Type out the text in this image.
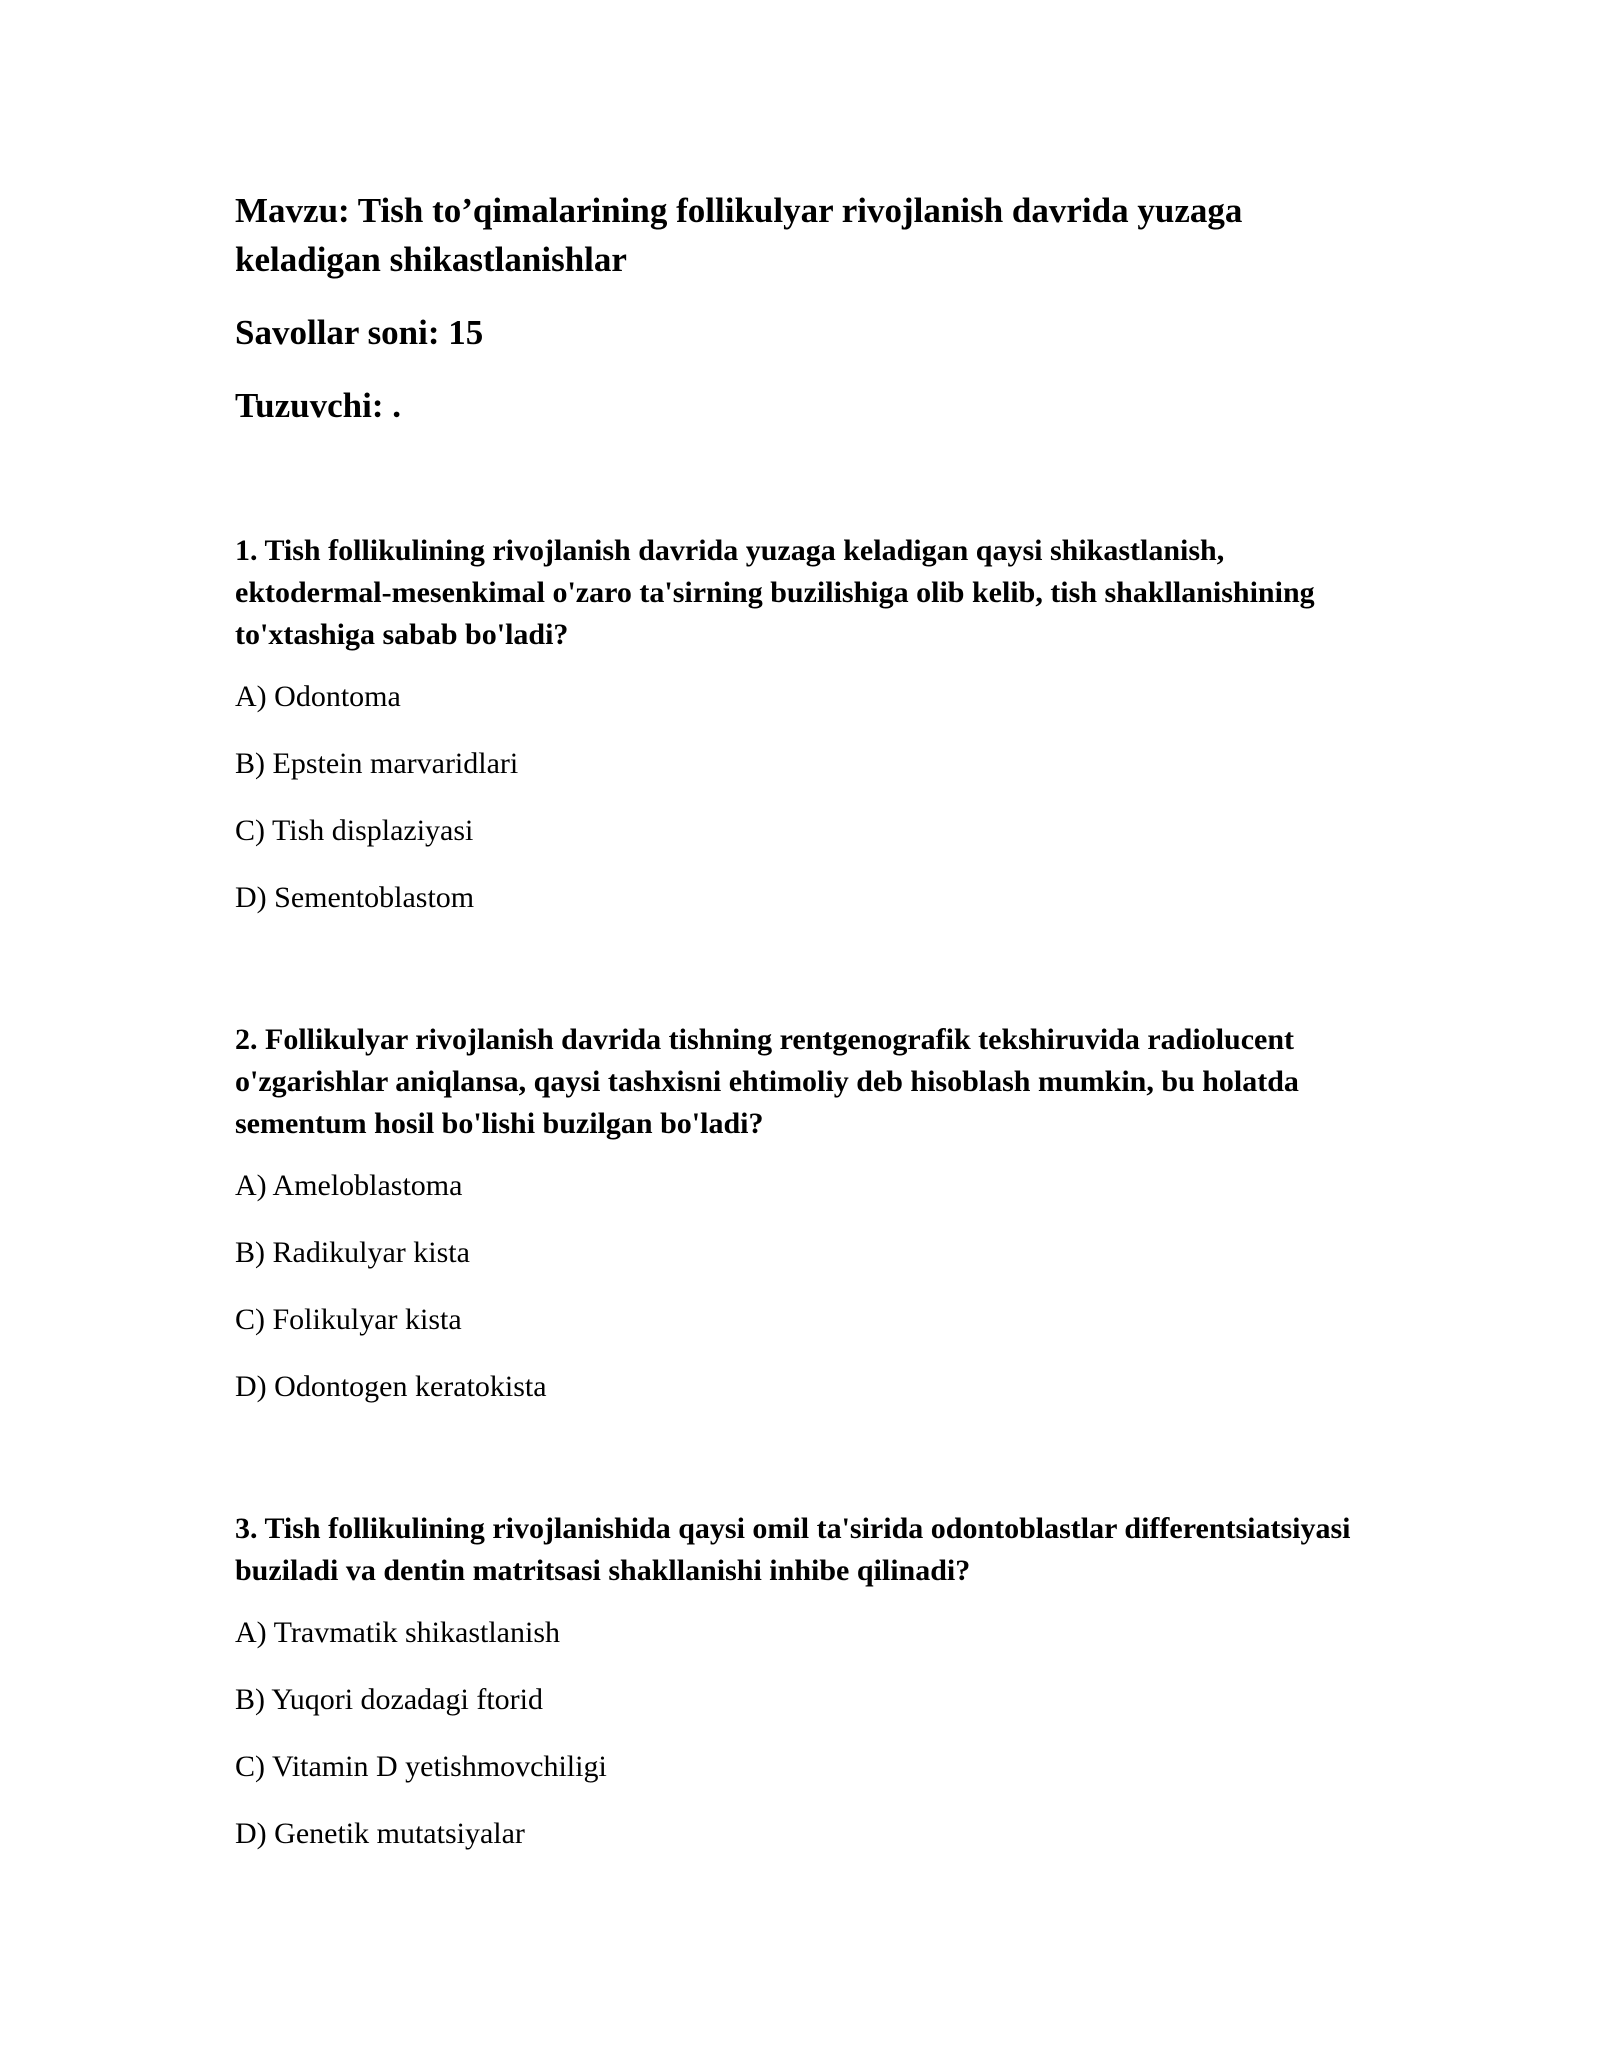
Mavzu: Tish to’qimalarining follikulyar rivojlanish davrida yuzaga keladigan shikastlanishlar

Savollar soni: 15

Tuzuvchi: .

1. Tish follikulining rivojlanish davrida yuzaga keladigan qaysi shikastlanish, ektodermal-mesenkimal o'zaro ta'sirning buzilishiga olib kelib, tish shakllanishining to'xtashiga sabab bo'ladi?

A) Odontoma

B) Epstein marvaridlari

C) Tish displaziyasi

D) Sementoblastom

2. Follikulyar rivojlanish davrida tishning rentgenografik tekshiruvida radiolucent o'zgarishlar aniqlansa, qaysi tashxisni ehtimoliy deb hisoblash mumkin, bu holatda sementum hosil bo'lishi buzilgan bo'ladi?

A) Ameloblastoma

B) Radikulyar kista

C) Folikulyar kista

D) Odontogen keratokista

3. Tish follikulining rivojlanishida qaysi omil ta'sirida odontoblastlar differentsiatsiyasi buziladi va dentin matritsasi shakllanishi inhibe qilinadi?

A) Travmatik shikastlanish

B) Yuqori dozadagi ftorid

C) Vitamin D yetishmovchiligi

D) Genetik mutatsiyalar
